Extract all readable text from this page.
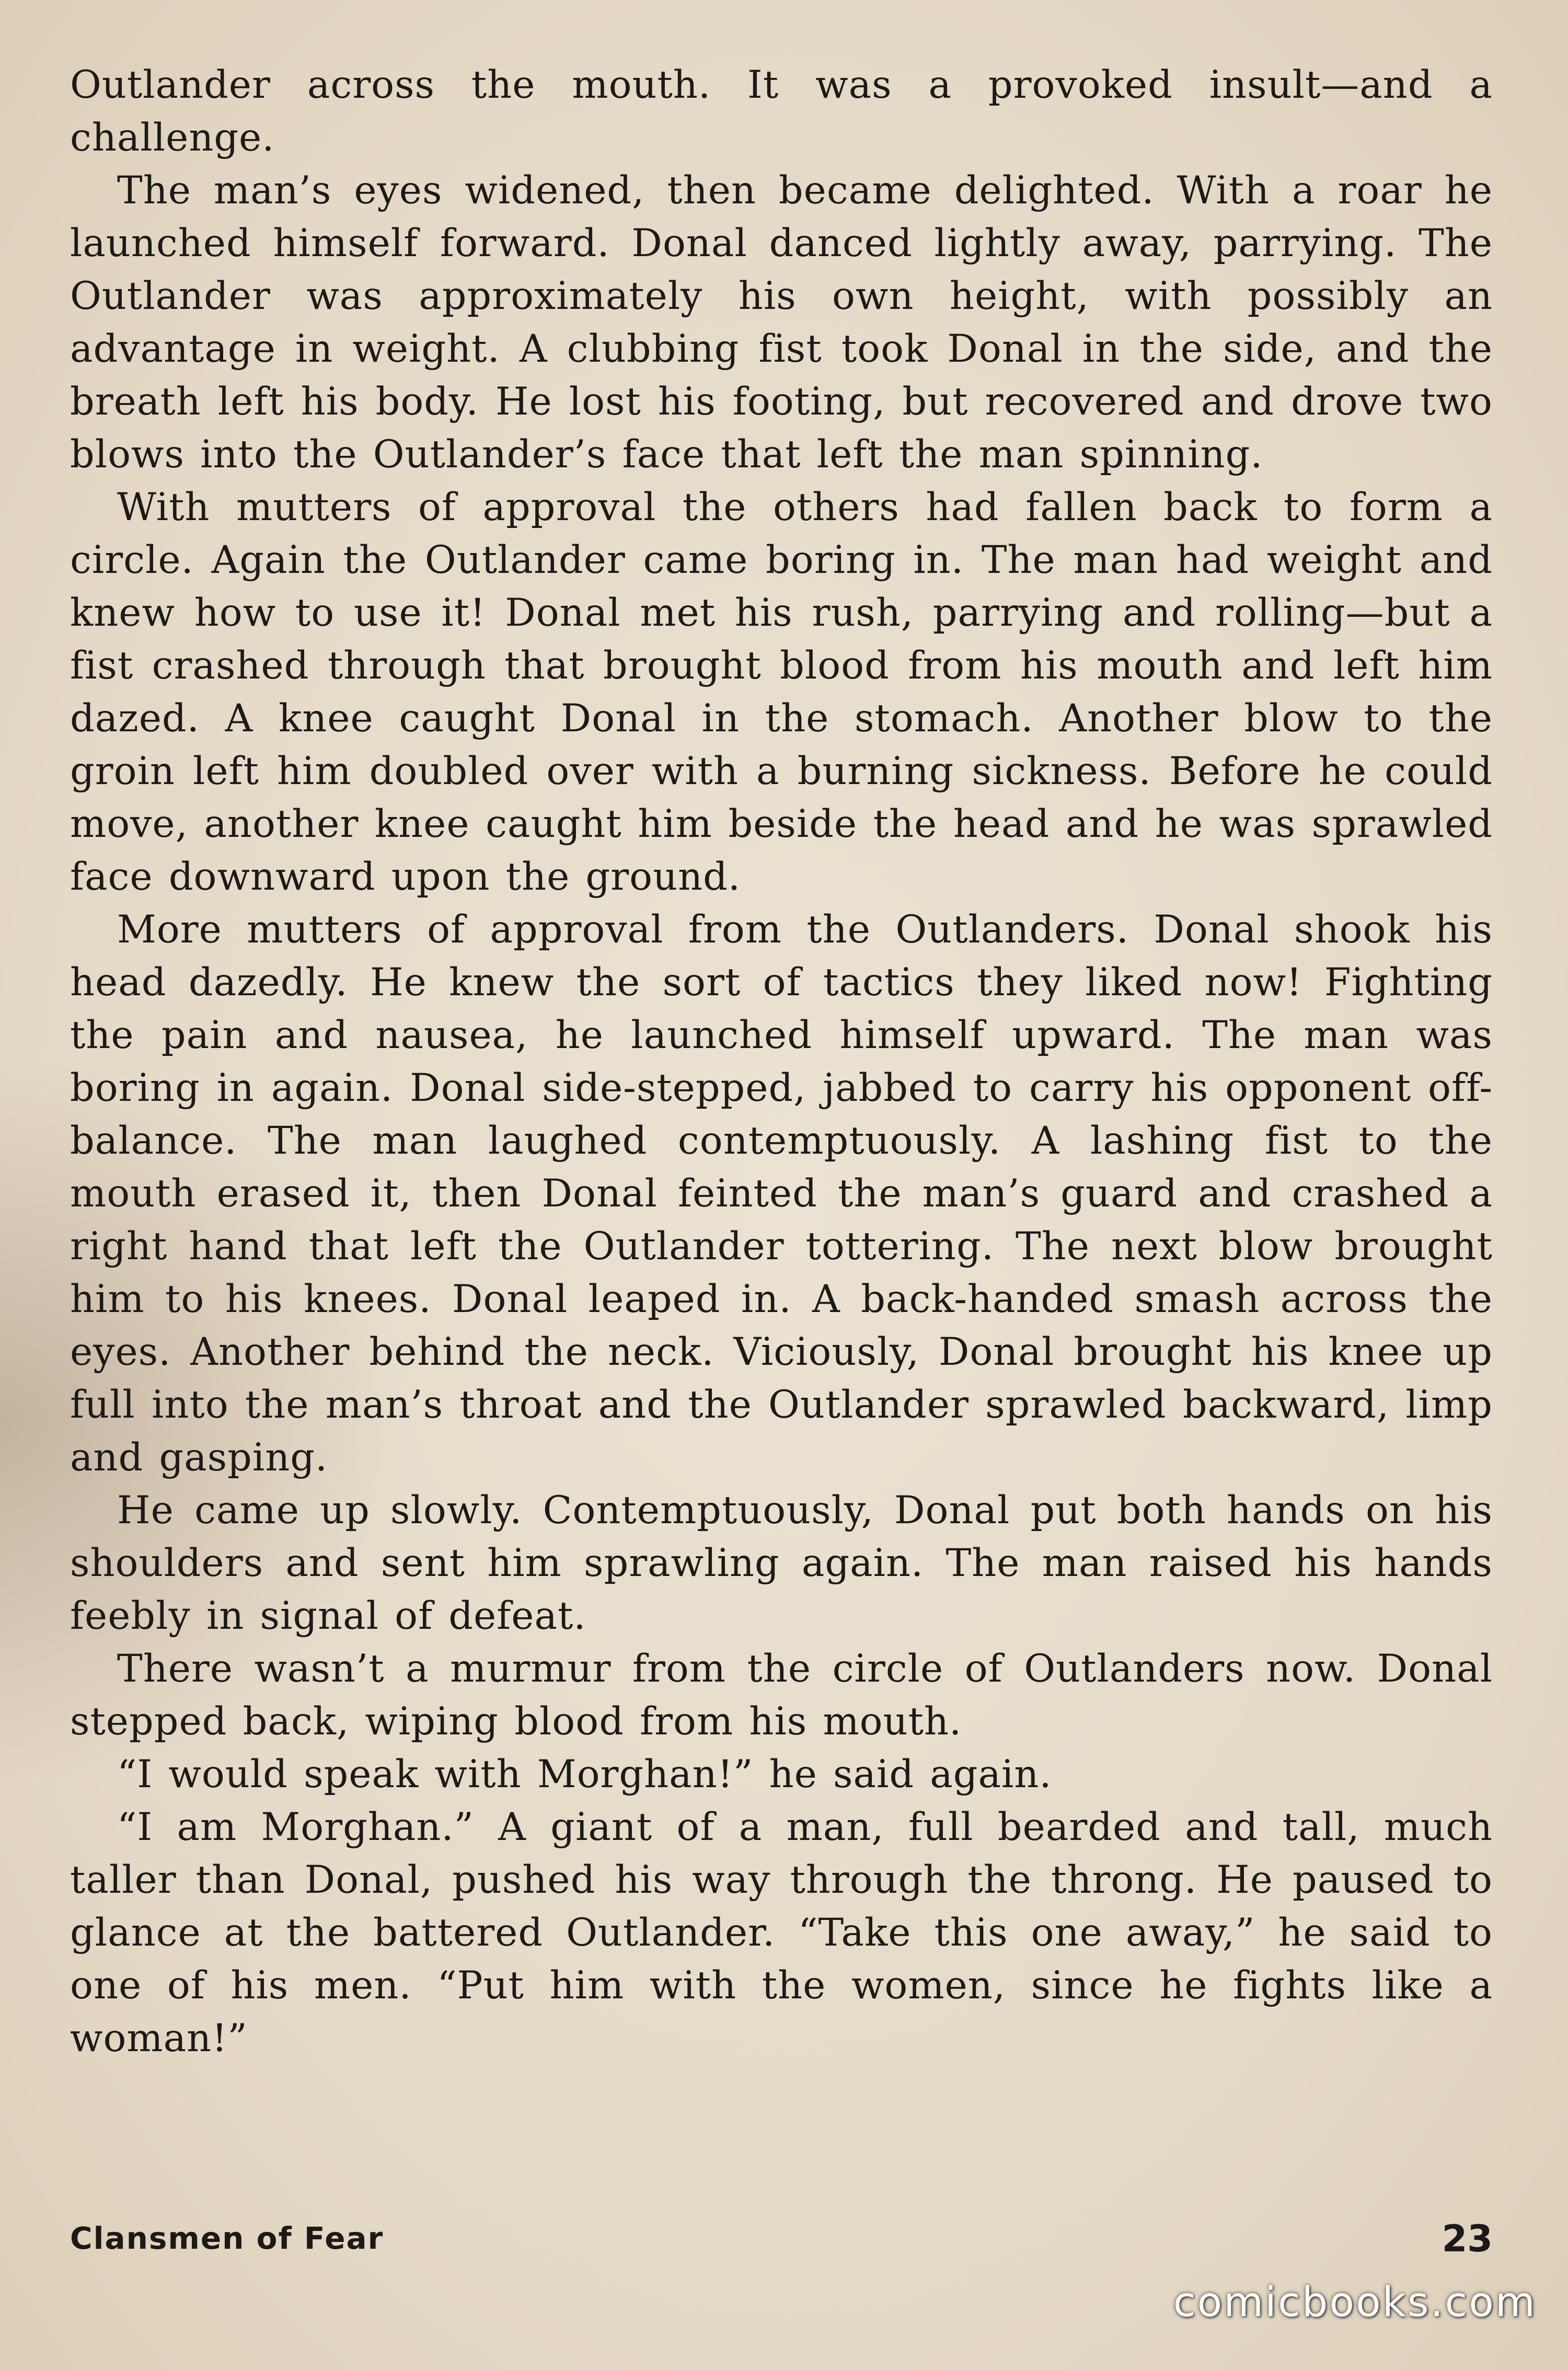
Outlander across the mouth. It was a provoked insult—and a challenge.

The man’s eyes widened, then became delighted. With a roar he launched himself forward. Donal danced lightly away, parrying. The Outlander was approximately his own height, with possibly an advantage in weight. A clubbing fist took Donal in the side, and the breath left his body. He lost his footing, but recovered and drove two blows into the Outlander’s face that left the man spinning.

With mutters of approval the others had fallen back to form a circle. Again the Outlander came boring in. The man had weight and knew how to use it! Donal met his rush, parrying and rolling—but a fist crashed through that brought blood from his mouth and left him dazed. A knee caught Donal in the stomach. Another blow to the groin left him doubled over with a burning sickness. Before he could move, another knee caught him beside the head and he was sprawled face downward upon the ground.

More mutters of approval from the Outlanders. Donal shook his head dazedly. He knew the sort of tactics they liked now! Fighting the pain and nausea, he launched himself upward. The man was boring in again. Donal side-stepped, jabbed to carry his opponent off-balance. The man laughed contemptuously. A lashing fist to the mouth erased it, then Donal feinted the man’s guard and crashed a right hand that left the Outlander tottering. The next blow brought him to his knees. Donal leaped in. A back-handed smash across the eyes. Another behind the neck. Viciously, Donal brought his knee up full into the man’s throat and the Outlander sprawled backward, limp and gasping.

He came up slowly. Contemptuously, Donal put both hands on his shoulders and sent him sprawling again. The man raised his hands feebly in signal of defeat.

There wasn’t a murmur from the circle of Outlanders now. Donal stepped back, wiping blood from his mouth.

“I would speak with Morghan!” he said again.

“I am Morghan.” A giant of a man, full bearded and tall, much taller than Donal, pushed his way through the throng. He paused to glance at the battered Outlander. “Take this one away,” he said to one of his men. “Put him with the women, since he fights like a woman!”

Clansmen of Fear	23
comicbooks.com
